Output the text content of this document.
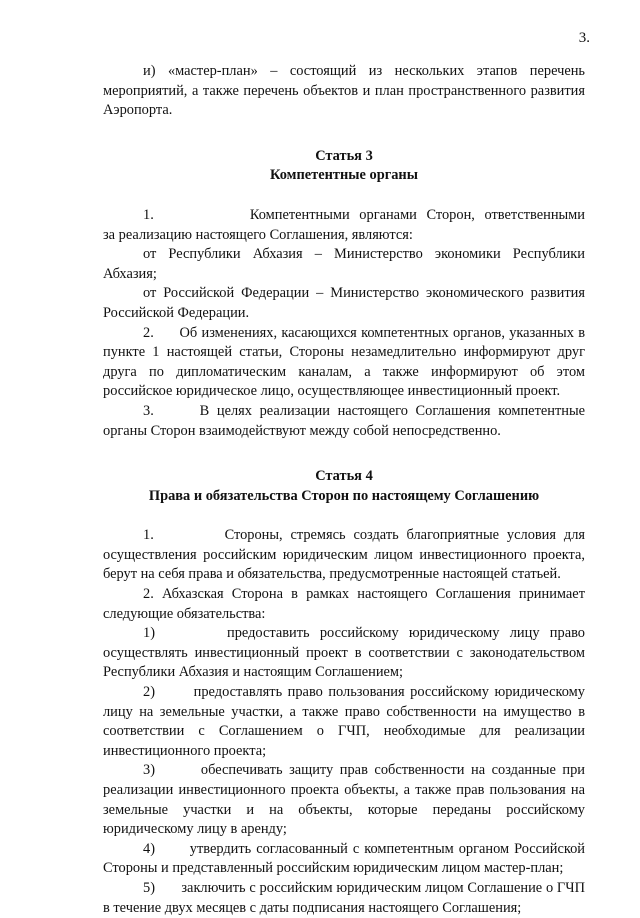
3.

и) «мастер-план» – состоящий из нескольких этапов перечень мероприятий, а также перечень объектов и план пространственного развития Аэропорта.

Статья 3

Компетентные органы

1.          Компетентными органами Сторон, ответственными

за реализацию настоящего Соглашения, являются:

от Республики Абхазия – Министерство экономики Республики Абхазия;

от Российской Федерации – Министерство экономического развития Российской Федерации.

2.      Об изменениях, касающихся компетентных органов, указанных в пункте 1 настоящей статьи, Стороны незамедлительно информируют друг друга по дипломатическим каналам, а также информируют об этом российское юридическое лицо, осуществляющее инвестиционный проект.

3.      В целях реализации настоящего Соглашения компетентные органы Сторон взаимодействуют между собой непосредственно.

Статья 4

Права и обязательства Сторон по настоящему Соглашению

1.         Стороны, стремясь создать благоприятные условия для осуществления российским юридическим лицом инвестиционного проекта, берут на себя права и обязательства, предусмотренные настоящей статьей.

2. Абхазская Сторона в рамках настоящего Соглашения принимает следующие обязательства:

1)       предоставить российскому юридическому лицу право осуществлять инвестиционный проект в соответствии с законодательством Республики Абхазия и настоящим Соглашением;

2)       предоставлять право пользования российскому юридическому лицу на земельные участки, а также право собственности на имущество в соответствии с Соглашением о ГЧП, необходимые для реализации инвестиционного проекта;

3)       обеспечивать защиту прав собственности на созданные при реализации инвестиционного проекта объекты, а также прав пользования на земельные участки и на объекты, которые переданы российскому юридическому лицу в аренду;

4)       утвердить согласованный с компетентным органом Российской Стороны и представленный российским юридическим лицом мастер-план;

5)       заключить с российским юридическим лицом Соглашение о ГЧП в течение двух месяцев с даты подписания настоящего Соглашения;
